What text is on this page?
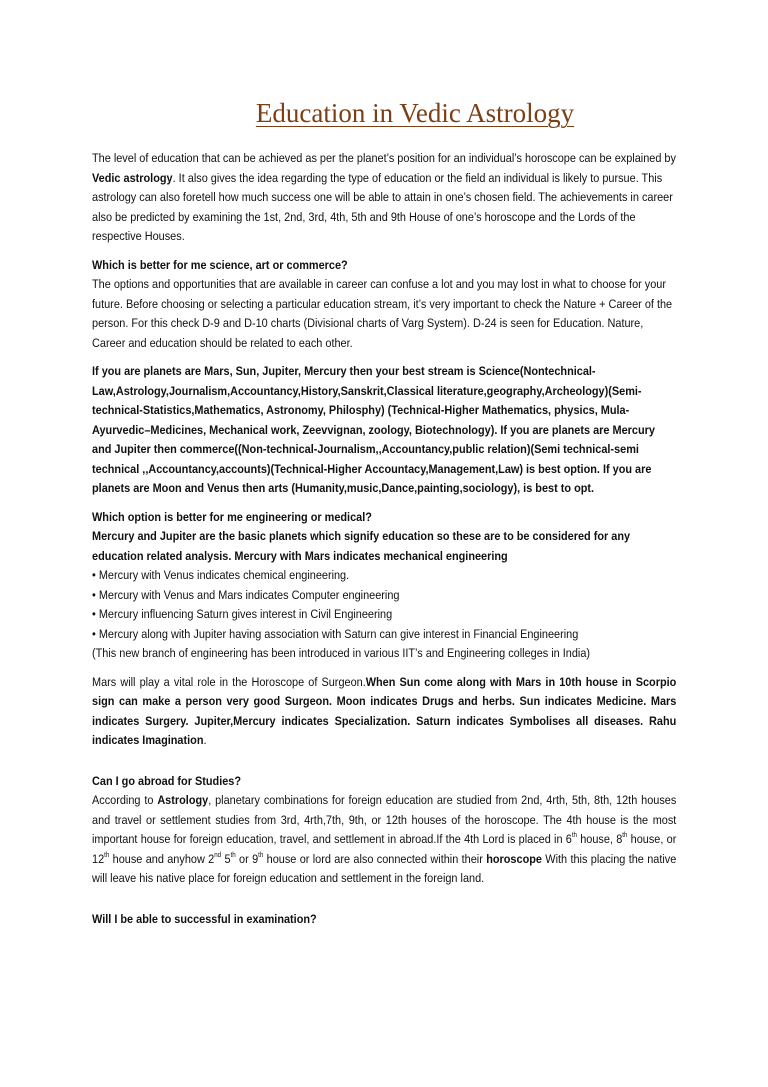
Education in Vedic Astrology

The level of education that can be achieved as per the planet’s position for an individual’s horoscope can be explained by Vedic astrology. It also gives the idea regarding the type of education or the field an individual is likely to pursue. This astrology can also foretell how much success one will be able to attain in one’s chosen field. The achievements in career also be predicted by examining the 1st, 2nd, 3rd, 4th, 5th and 9th House of one’s horoscope and the Lords of the respective Houses.

Which is better for me science, art or commerce?
The options and opportunities that are available in career can confuse a lot and you may lost in what to choose for your future. Before choosing or selecting a particular education stream, it’s very important to check the Nature + Career of the person. For this check D-9 and D-10 charts (Divisional charts of Varg System). D-24 is seen for Education. Nature, Career and education should be related to each other.

If you are planets are Mars, Sun, Jupiter, Mercury then your best stream is Science(Nontechnical-Law,Astrology,Journalism,Accountancy,History,Sanskrit,Classical literature,geography,Archeology)(Semi-technical-Statistics,Mathematics, Astronomy, Philosphy) (Technical-Higher Mathematics, physics, Mula-Ayurvedic–Medicines, Mechanical work, Zeevvignan, zoology, Biotechnology). If you are planets are Mercury and Jupiter then commerce((Non-technical-Journalism,,Accountancy,public relation)(Semi technical-semi technical ,,Accountancy,accounts)(Technical-Higher Accountacy,Management,Law) is best option. If you are planets are Moon and Venus then arts (Humanity,music,Dance,painting,sociology), is best to opt.

Which option is better for me engineering or medical?
Mercury and Jupiter are the basic planets which signify education so these are to be considered for any education related analysis. Mercury with Mars indicates mechanical engineering
• Mercury with Venus indicates chemical engineering.
• Mercury with Venus and Mars indicates Computer engineering
• Mercury influencing Saturn gives interest in Civil Engineering
• Mercury along with Jupiter having association with Saturn can give interest in Financial Engineering
(This new branch of engineering has been introduced in various IIT’s and Engineering colleges in India)

Mars will play a vital role in the Horoscope of Surgeon.When Sun come along with Mars in 10th house in Scorpio sign can make a person very good Surgeon. Moon indicates Drugs and herbs. Sun indicates Medicine. Mars indicates Surgery. Jupiter,Mercury indicates Specialization. Saturn indicates Symbolises all diseases. Rahu indicates Imagination.

Can I go abroad for Studies?
According to Astrology, planetary combinations for foreign education are studied from 2nd, 4rth, 5th, 8th, 12th houses and travel or settlement studies from 3rd, 4rth,7th, 9th, or 12th houses of the horoscope. The 4th house is the most important house for foreign education, travel, and settlement in abroad.If the 4th Lord is placed in 6th house, 8th house, or 12th house and anyhow 2nd 5th or 9th house or lord are also connected within their horoscope With this placing the native will leave his native place for foreign education and settlement in the foreign land.

Will I be able to successful in examination?
